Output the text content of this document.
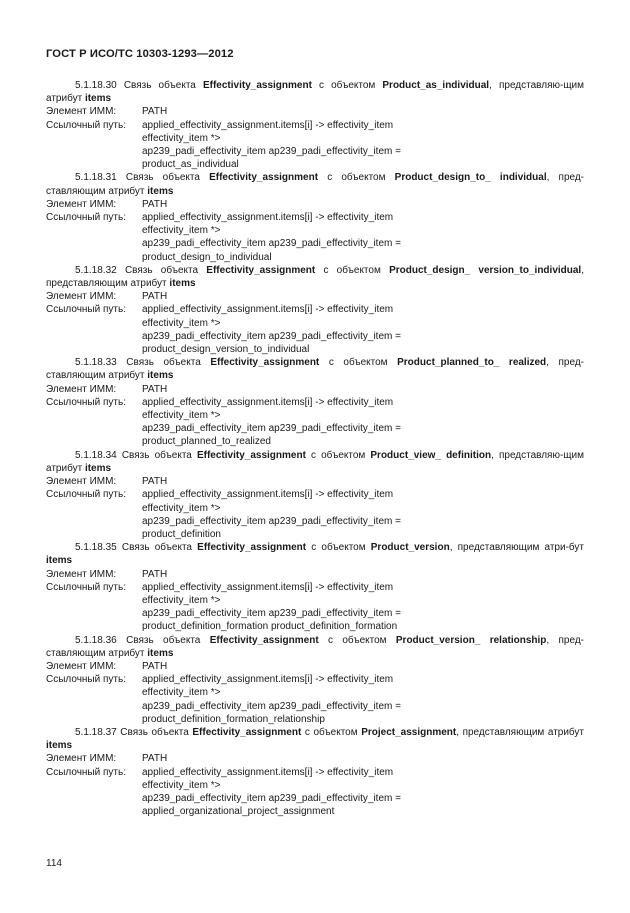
ГОСТ Р ИСО/ТС 10303-1293—2012
5.1.18.30 Связь объекта Effectivity_assignment с объектом Product_as_individual, представляю-щим атрибут items
Элемент ИММ:	PATH
Ссылочный путь:	applied_effectivity_assignment.items[i] -> effectivity_item
effectivity_item *>
ap239_padi_effectivity_item ap239_padi_effectivity_item =
product_as_individual
5.1.18.31 Связь объекта Effectivity_assignment с объектом Product_design_to_ individual, пред-ставляющим атрибут items
Элемент ИММ:	PATH
Ссылочный путь:	applied_effectivity_assignment.items[i] -> effectivity_item
effectivity_item *>
ap239_padi_effectivity_item ap239_padi_effectivity_item =
product_design_to_individual
5.1.18.32 Связь объекта Effectivity_assignment с объектом Product_design_ version_to_individual, представляющим атрибут items
Элемент ИММ:	PATH
Ссылочный путь:	applied_effectivity_assignment.items[i] -> effectivity_item
effectivity_item *>
ap239_padi_effectivity_item ap239_padi_effectivity_item =
product_design_version_to_individual
5.1.18.33 Связь объекта Effectivity_assignment с объектом Product_planned_to_ realized, пред-ставляющим атрибут items
Элемент ИММ:	PATH
Ссылочный путь:	applied_effectivity_assignment.items[i] -> effectivity_item
effectivity_item *>
ap239_padi_effectivity_item ap239_padi_effectivity_item =
product_planned_to_realized
5.1.18.34 Связь объекта Effectivity_assignment с объектом Product_view_ definition, представляю-щим атрибут items
Элемент ИММ:	PATH
Ссылочный путь:	applied_effectivity_assignment.items[i] -> effectivity_item
effectivity_item *>
ap239_padi_effectivity_item ap239_padi_effectivity_item =
product_definition
5.1.18.35 Связь объекта Effectivity_assignment с объектом Product_version, представляющим атри-бут items
Элемент ИММ:	PATH
Ссылочный путь:	applied_effectivity_assignment.items[i] -> effectivity_item
effectivity_item *>
ap239_padi_effectivity_item ap239_padi_effectivity_item =
product_definition_formation product_definition_formation
5.1.18.36 Связь объекта Effectivity_assignment с объектом Product_version_ relationship, пред-ставляющим атрибут items
Элемент ИММ:	PATH
Ссылочный путь:	applied_effectivity_assignment.items[i] -> effectivity_item
effectivity_item *>
ap239_padi_effectivity_item ap239_padi_effectivity_item =
product_definition_formation_relationship
5.1.18.37 Связь объекта Effectivity_assignment с объектом Project_assignment, представляющим атрибут items
Элемент ИММ:	PATH
Ссылочный путь:	applied_effectivity_assignment.items[i] -> effectivity_item
effectivity_item *>
ap239_padi_effectivity_item ap239_padi_effectivity_item =
applied_organizational_project_assignment
114
